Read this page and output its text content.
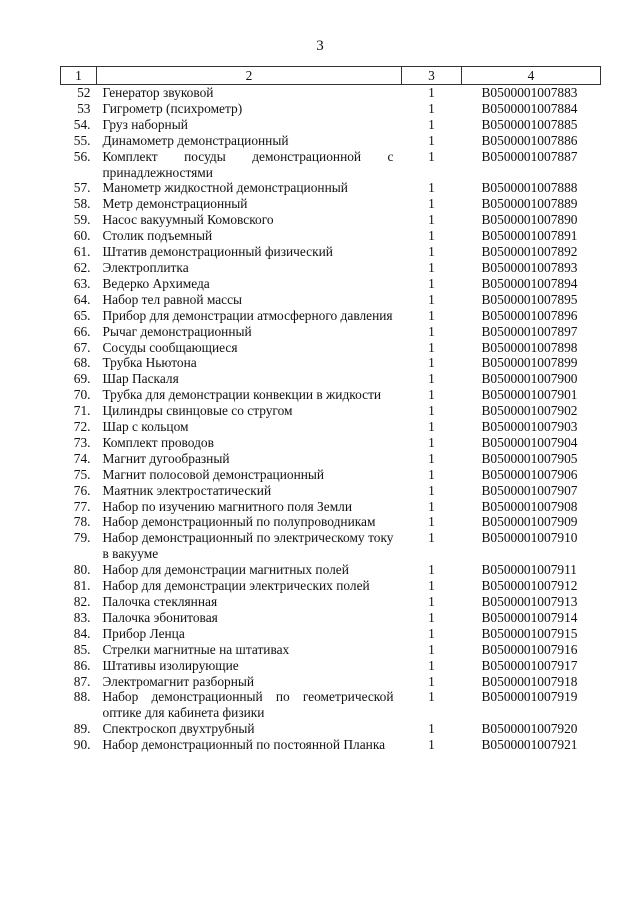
3
1	2	3	4
52	Генератор звуковой	1	B0500001007883
53	Гигрометр (психрометр)	1	B0500001007884
54.	Груз наборный	1	B0500001007885
55.	Динамометр демонстрационный	1	B0500001007886
56.	Комплект посуды демонстрационной с принадлежностями	1	B0500001007887
57.	Манометр жидкостной демонстрационный	1	B0500001007888
58.	Метр демонстрационный	1	B0500001007889
59.	Насос вакуумный Комовского	1	B0500001007890
60.	Столик подъемный	1	B0500001007891
61.	Штатив демонстрационный физический	1	B0500001007892
62.	Электроплитка	1	B0500001007893
63.	Ведерко Архимеда	1	B0500001007894
64.	Набор тел равной массы	1	B0500001007895
65.	Прибор для демонстрации атмосферного давления	1	B0500001007896
66.	Рычаг демонстрационный	1	B0500001007897
67.	Сосуды сообщающиеся	1	B0500001007898
68.	Трубка Ньютона	1	B0500001007899
69.	Шар Паскаля	1	B0500001007900
70.	Трубка для демонстрации конвекции в жидкости	1	B0500001007901
71.	Цилиндры свинцовые со стругом	1	B0500001007902
72.	Шар с кольцом	1	B0500001007903
73.	Комплект проводов	1	B0500001007904
74.	Магнит дугообразный	1	B0500001007905
75.	Магнит полосовой демонстрационный	1	B0500001007906
76.	Маятник электростатический	1	B0500001007907
77.	Набор по изучению магнитного поля Земли	1	B0500001007908
78.	Набор демонстрационный по полупроводникам	1	B0500001007909
79.	Набор демонстрационный по электрическому току в вакууме	1	B0500001007910
80.	Набор для демонстрации магнитных полей	1	B0500001007911
81.	Набор для демонстрации электрических полей	1	B0500001007912
82.	Палочка стеклянная	1	B0500001007913
83.	Палочка эбонитовая	1	B0500001007914
84.	Прибор Ленца	1	B0500001007915
85.	Стрелки магнитные на штативах	1	B0500001007916
86.	Штативы изолирующие	1	B0500001007917
87.	Электромагнит разборный	1	B0500001007918
88.	Набор демонстрационный по геометрической оптике для кабинета физики	1	B0500001007919
89.	Спектроскоп двухтрубный	1	B0500001007920
90.	Набор демонстрационный по постоянной Планка	1	B0500001007921
